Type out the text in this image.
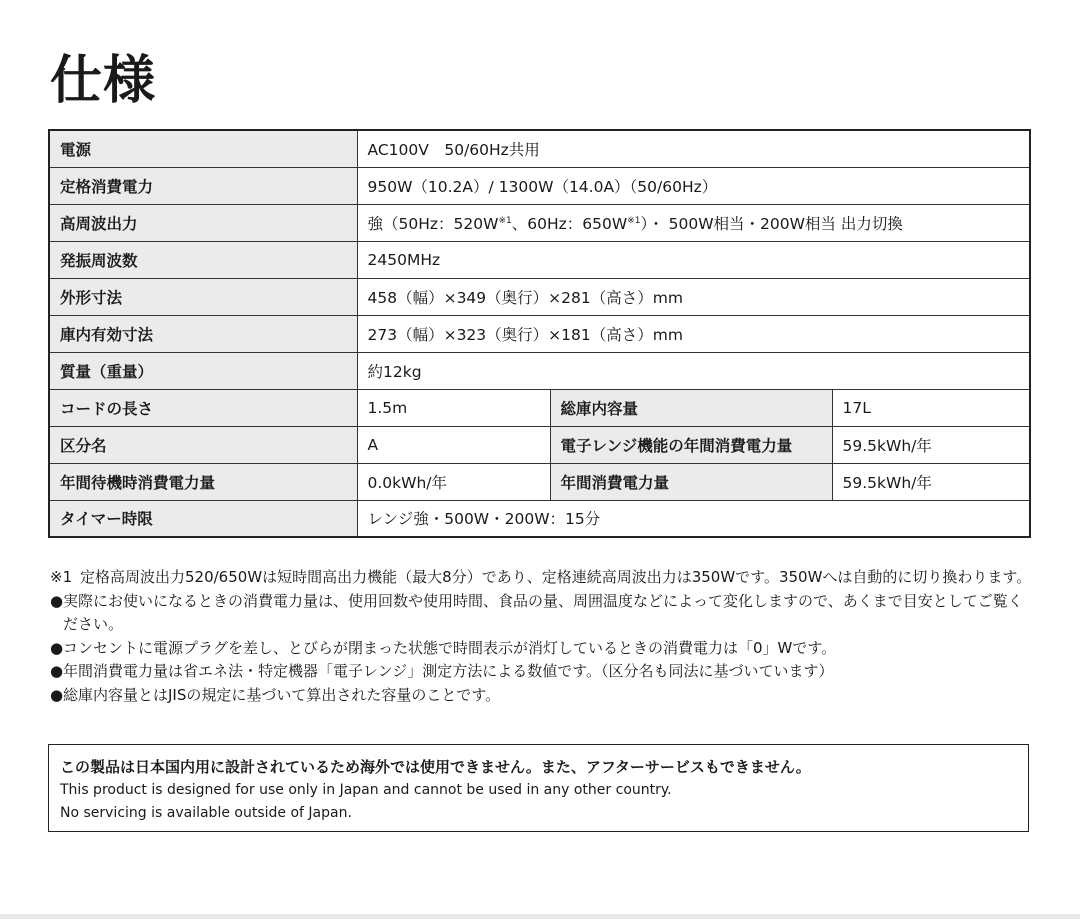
仕様
電源	AC100V　50/60Hz共用		
定格消費電力	950W（10.2A）/ 1300W（14.0A）（50/60Hz）		
高周波出力	強（50Hz：$520W^{※1}$、60Hz：$650W^{※1}$）・ 500W相当・200W相当 出力切換		
発振周波数	2450MHz		
外形寸法	458（幅）×349（奥行）×281（高さ）mm		
庫内有効寸法	273（幅）×323（奥行）×181（高さ）mm		
質量（重量）	約12kg		
コードの長さ	1.5m	総庫内容量	17L
区分名	A	電子レンジ機能の年間消費電力量	59.5kWh/年
年間待機時消費電力量	0.0kWh/年	年間消費電力量	59.5kWh/年
タイマー時限	レンジ強・500W・200W：15分		
※1 定格高周波出力520/650Wは短時間高出力機能（最大8分）であり、定格連続高周波出力は350Wです。350Wへは自動的に切り換わります。
● 実際にお使いになるときの消費電力量は、使用回数や使用時間、食品の量、周囲温度などによって変化しますので、あくまで目安としてご覧ください。
● コンセントに電源プラグを差し、とびらが閉まった状態で時間表示が消灯しているときの消費電力は「0」Wです。
● 年間消費電力量は省エネ法・特定機器「電子レンジ」測定方法による数値です。（区分名も同法に基づいています）
● 総庫内容量とはJISの規定に基づいて算出された容量のことです。
この製品は日本国内用に設計されているため海外では使用できません。また、アフターサービスもできません。
This product is designed for use only in Japan and cannot be used in any other country.
No servicing is available outside of Japan.
